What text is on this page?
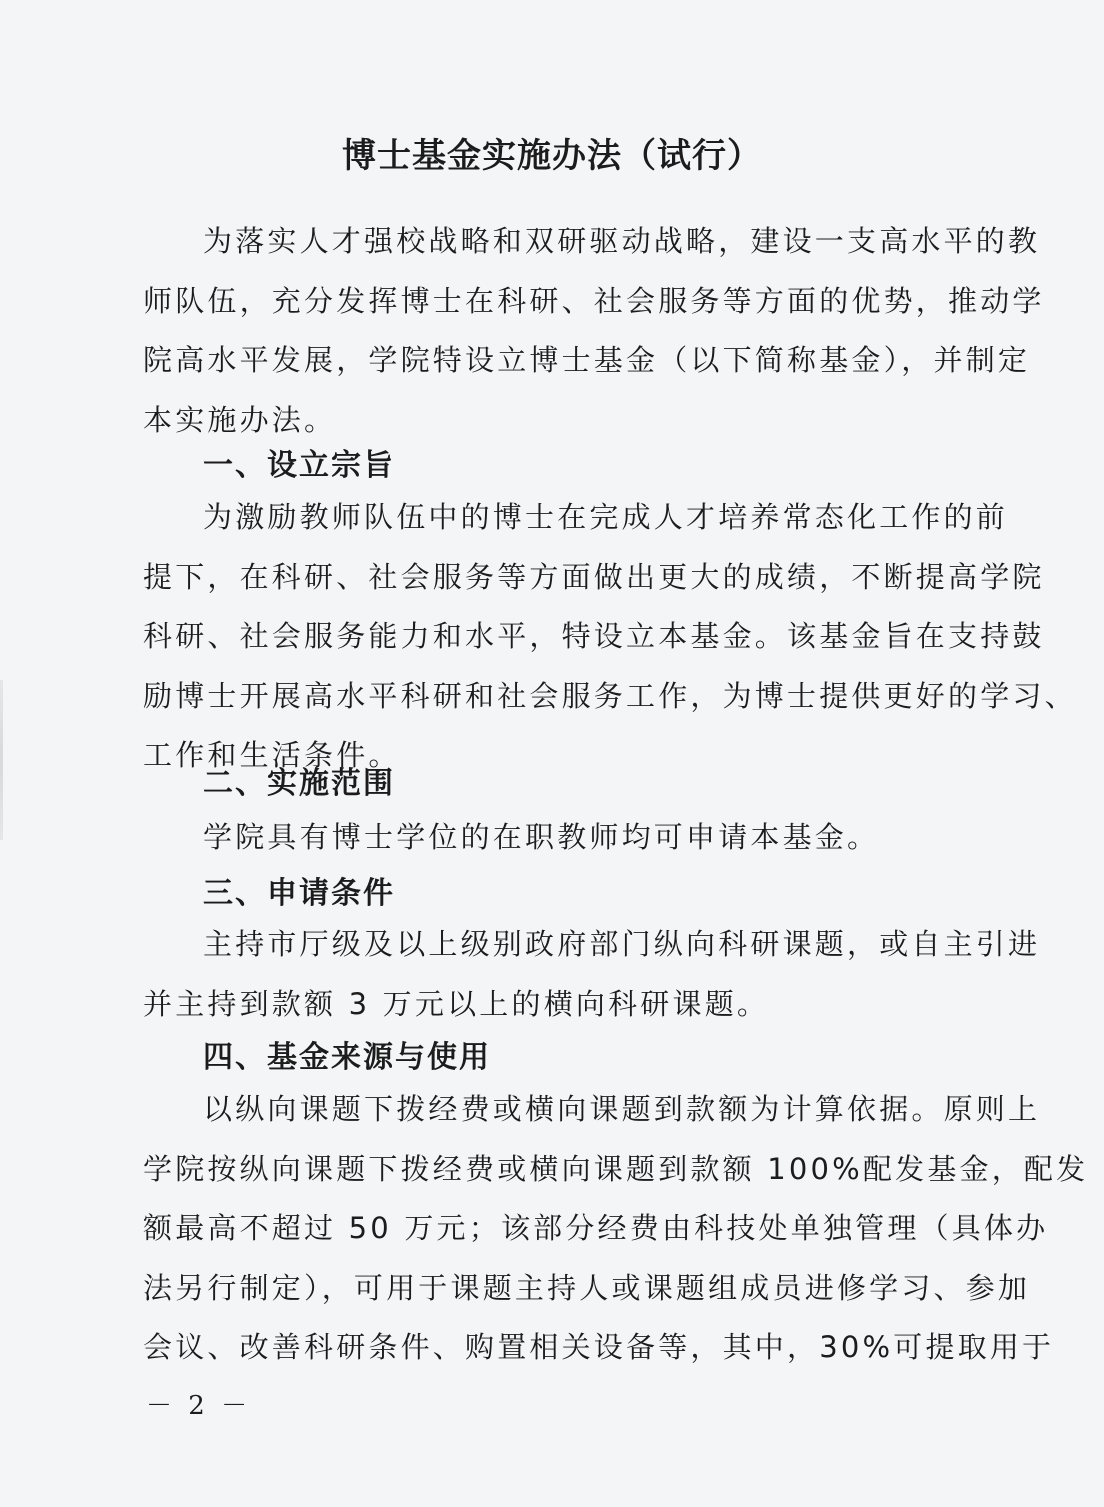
博士基金实施办法（试行）
为落实人才强校战略和双研驱动战略，建设一支高水平的教
师队伍，充分发挥博士在科研、社会服务等方面的优势，推动学
院高水平发展，学院特设立博士基金（以下简称基金），并制定
本实施办法。
一、设立宗旨
为激励教师队伍中的博士在完成人才培养常态化工作的前
提下，在科研、社会服务等方面做出更大的成绩，不断提高学院
科研、社会服务能力和水平，特设立本基金。该基金旨在支持鼓
励博士开展高水平科研和社会服务工作，为博士提供更好的学习、
工作和生活条件。
二、实施范围
学院具有博士学位的在职教师均可申请本基金。
三、申请条件
主持市厅级及以上级别政府部门纵向科研课题，或自主引进
并主持到款额 3 万元以上的横向科研课题。
四、基金来源与使用
以纵向课题下拨经费或横向课题到款额为计算依据。原则上
学院按纵向课题下拨经费或横向课题到款额 100%配发基金，配发
额最高不超过 50 万元；该部分经费由科技处单独管理（具体办
法另行制定），可用于课题主持人或课题组成员进修学习、参加
会议、改善科研条件、购置相关设备等，其中，30%可提取用于
－ 2 －
